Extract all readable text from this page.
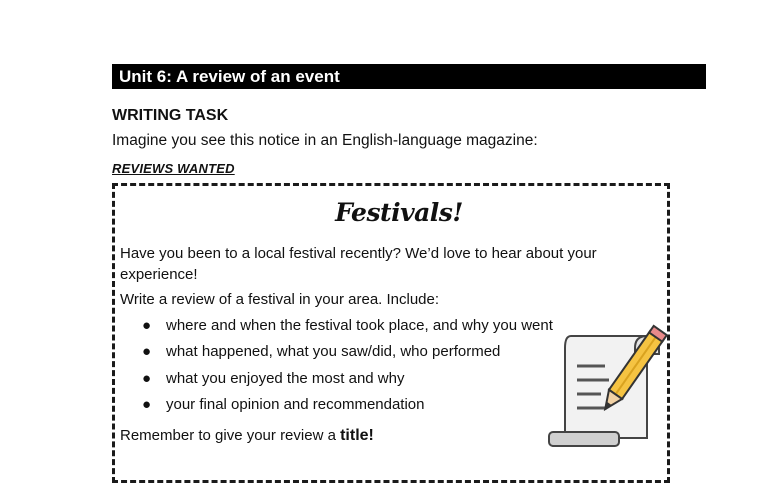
Unit 6: A review of an event
WRITING TASK
Imagine you see this notice in an English-language magazine:
REVIEWS WANTED
Festivals!
Have you been to a local festival recently? We’d love to hear about your experience!
Write a review of a festival in your area. Include:
● where and when the festival took place, and why you went
● what happened, what you saw/did, who performed
● what you enjoyed the most and why
● your final opinion and recommendation
Remember to give your review a title!
